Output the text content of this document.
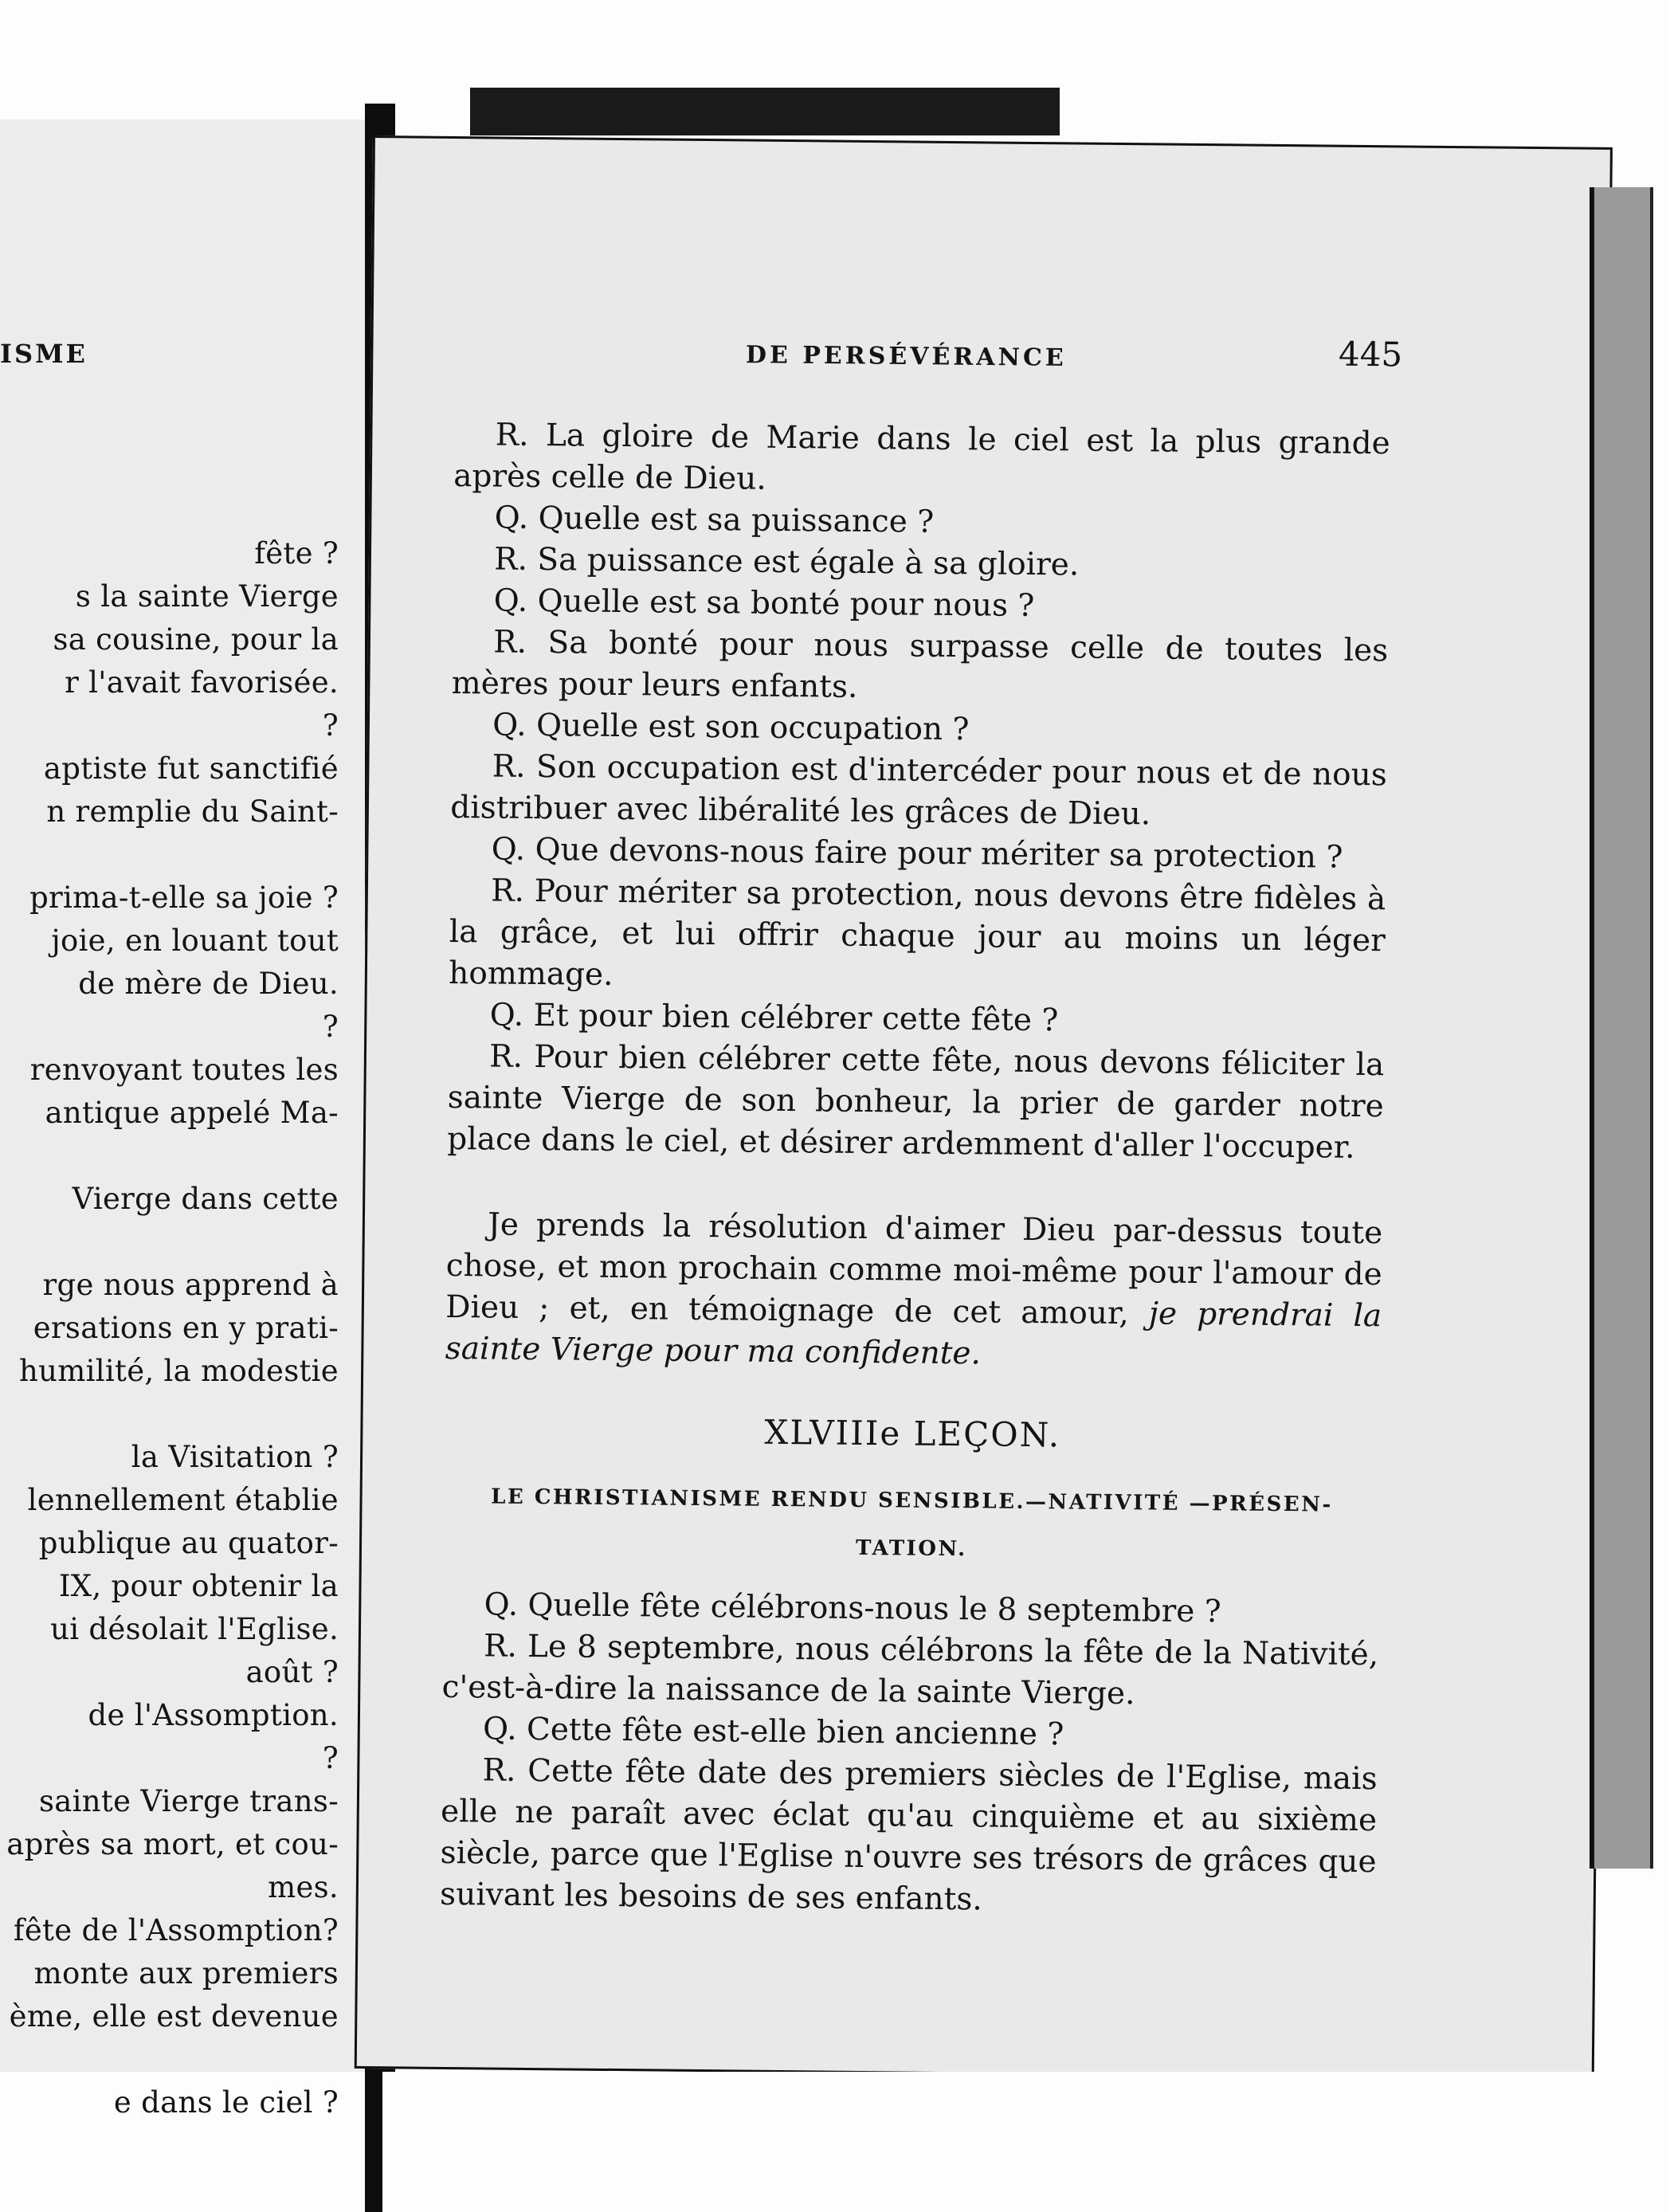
ISME
fête ?
s la sainte Vierge
sa cousine, pour la
r l'avait favorisée.
?
aptiste fut sanctifié
n remplie du Saint-
prima-t-elle sa joie ?
joie, en louant tout
de mère de Dieu.
?
renvoyant toutes les
antique appelé Ma-
Vierge dans cette
rge nous apprend à
ersations en y prati-
humilité, la modestie
la Visitation ?
lennellement établie
publique au quator-
IX, pour obtenir la
ui désolait l'Eglise.
août ?
de l'Assomption.
?
sainte Vierge trans-
après sa mort, et cou-
mes.
fête de l'Assomption?
monte aux premiers
ème, elle est devenue
e dans le ciel ?
DE PERSÉVÉRANCE	445

R. La gloire de Marie dans le ciel est la plus grande après celle de Dieu.

Q. Quelle est sa puissance ?

R. Sa puissance est égale à sa gloire.

Q. Quelle est sa bonté pour nous ?

R. Sa bonté pour nous surpasse celle de toutes les mères pour leurs enfants.

Q. Quelle est son occupation ?

R. Son occupation est d'intercéder pour nous et de nous distribuer avec libéralité les grâces de Dieu.

Q. Que devons-nous faire pour mériter sa protection ?

R. Pour mériter sa protection, nous devons être fidèles à la grâce, et lui offrir chaque jour au moins un léger hommage.

Q. Et pour bien célébrer cette fête ?

R. Pour bien célébrer cette fête, nous devons féliciter la sainte Vierge de son bonheur, la prier de garder notre place dans le ciel, et désirer ardemment d'aller l'occuper.

Je prends la résolution d'aimer Dieu par-dessus toute chose, et mon prochain comme moi-même pour l'amour de Dieu ; et, en témoignage de cet amour, je prendrai la sainte Vierge pour ma confidente.

XLVIIIe LEÇON.
LE CHRISTIANISME RENDU SENSIBLE.—NATIVITÉ —PRÉSEN-
TATION.

Q. Quelle fête célébrons-nous le 8 septembre ?

R. Le 8 septembre, nous célébrons la fête de la Nativité, c'est-à-dire la naissance de la sainte Vierge.

Q. Cette fête est-elle bien ancienne ?

R. Cette fête date des premiers siècles de l'Eglise, mais elle ne paraît avec éclat qu'au cinquième et au sixième siècle, parce que l'Eglise n'ouvre ses trésors de grâces que suivant les besoins de ses enfants.
